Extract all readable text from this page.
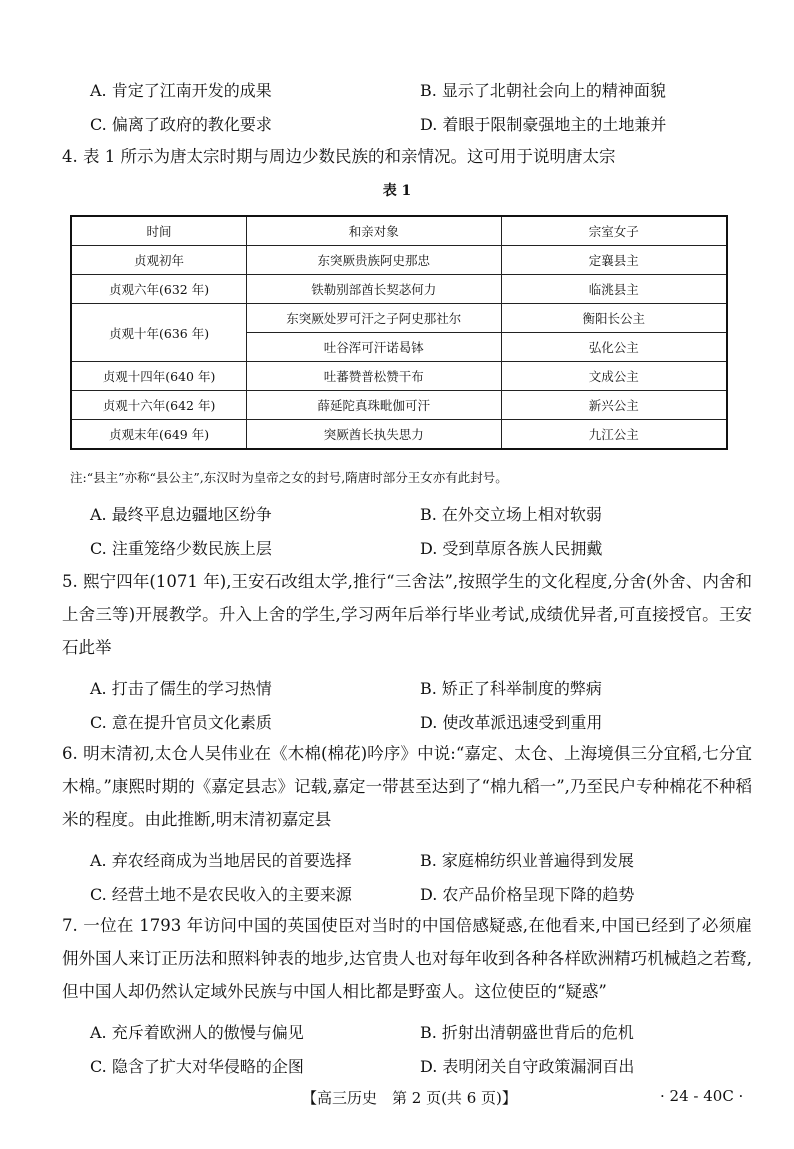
A. 肯定了江南开发的成果	B. 显示了北朝社会向上的精神面貌
C. 偏离了政府的教化要求	D. 着眼于限制豪强地主的土地兼并
4. 表 1 所示为唐太宗时期与周边少数民族的和亲情况。这可用于说明唐太宗
表 1
时间	和亲对象	宗室女子
贞观初年	东突厥贵族阿史那忠	定襄县主
贞观六年(632 年)	铁勒别部酋长契苾何力	临洮县主
贞观十年(636 年)	东突厥处罗可汗之子阿史那社尔	衡阳长公主
	吐谷浑可汗诺曷钵	弘化公主
贞观十四年(640 年)	吐蕃赞普松赞干布	文成公主
贞观十六年(642 年)	薛延陀真珠毗伽可汗	新兴公主
贞观末年(649 年)	突厥酋长执失思力	九江公主
注:“县主”亦称“县公主”,东汉时为皇帝之女的封号,隋唐时部分王女亦有此封号。
A. 最终平息边疆地区纷争	B. 在外交立场上相对软弱
C. 注重笼络少数民族上层	D. 受到草原各族人民拥戴
5. 熙宁四年(1071 年),王安石改组太学,推行“三舍法”,按照学生的文化程度,分舍(外舍、内舍和上舍三等)开展教学。升入上舍的学生,学习两年后举行毕业考试,成绩优异者,可直接授官。王安石此举
A. 打击了儒生的学习热情	B. 矫正了科举制度的弊病
C. 意在提升官员文化素质	D. 使改革派迅速受到重用
6. 明末清初,太仓人吴伟业在《木棉(棉花)吟序》中说:“嘉定、太仓、上海境俱三分宜稻,七分宜木棉。”康熙时期的《嘉定县志》记载,嘉定一带甚至达到了“棉九稻一”,乃至民户专种棉花不种稻米的程度。由此推断,明末清初嘉定县
A. 弃农经商成为当地居民的首要选择	B. 家庭棉纺织业普遍得到发展
C. 经营土地不是农民收入的主要来源	D. 农产品价格呈现下降的趋势
7. 一位在 1793 年访问中国的英国使臣对当时的中国倍感疑惑,在他看来,中国已经到了必须雇佣外国人来订正历法和照料钟表的地步,达官贵人也对每年收到各种各样欧洲精巧机械趋之若鹜,但中国人却仍然认定域外民族与中国人相比都是野蛮人。这位使臣的“疑惑”
A. 充斥着欧洲人的傲慢与偏见	B. 折射出清朝盛世背后的危机
C. 隐含了扩大对华侵略的企图	D. 表明闭关自守政策漏洞百出
【高三历史　第 2 页(共 6 页)】	· 24 - 40C ·
